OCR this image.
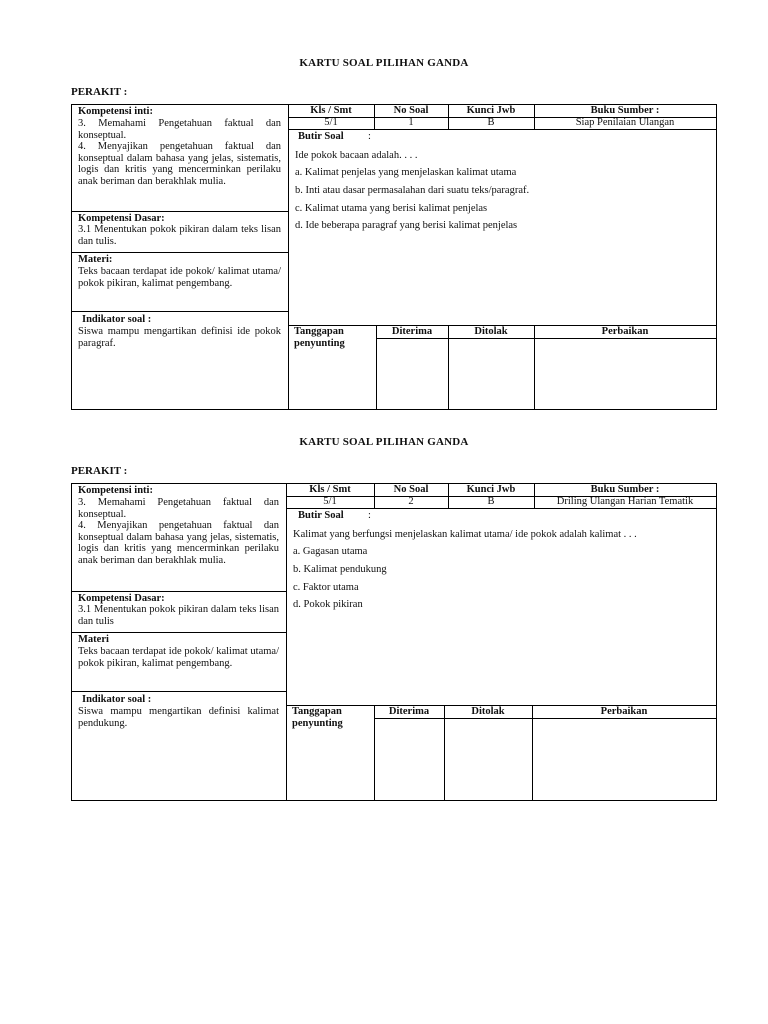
KARTU SOAL PILIHAN GANDA
PERAKIT :
Kompetensi inti:
3. Memahami Pengetahuan faktual dan konseptual.
4. Menyajikan pengetahuan faktual dan konseptual dalam bahasa yang jelas, sistematis, logis dan kritis yang mencerminkan perilaku anak beriman dan berakhlak mulia.
Kompetensi Dasar:
3.1 Menentukan pokok pikiran dalam teks lisan dan tulis.
Materi:
Teks bacaan terdapat ide pokok/ kalimat utama/ pokok pikiran, kalimat pengembang.
Indikator soal :
Siswa mampu mengartikan definisi ide pokok paragraf.
Kls / Smt	No Soal	Kunci Jwb	Buku Sumber :
5/1	1	B	Siap Penilaian Ulangan
Butir Soal :
Ide pokok bacaan adalah. . . .
a. Kalimat penjelas yang menjelaskan kalimat utama
b. Inti atau dasar permasalahan dari suatu teks/paragraf.
c. Kalimat utama yang berisi kalimat penjelas
d. Ide beberapa paragraf yang berisi kalimat penjelas
Tanggapan penyunting
Diterima	Ditolak	Perbaikan
KARTU SOAL PILIHAN GANDA
PERAKIT :
Kompetensi inti:
3. Memahami Pengetahuan faktual dan konseptual.
4. Menyajikan pengetahuan faktual dan konseptual dalam bahasa yang jelas, sistematis, logis dan kritis yang mencerminkan perilaku anak beriman dan berakhlak mulia.
Kompetensi Dasar:
3.1 Menentukan pokok pikiran dalam teks lisan dan tulis
Materi
Teks bacaan terdapat ide pokok/ kalimat utama/ pokok pikiran, kalimat pengembang.
Indikator soal :
Siswa mampu mengartikan definisi kalimat pendukung.
Kls / Smt	No Soal	Kunci Jwb	Buku Sumber :
5/1	2	B	Driling Ulangan Harian Tematik
Butir Soal :
Kalimat yang berfungsi menjelaskan kalimat utama/ ide pokok adalah kalimat . . .
a. Gagasan utama
b. Kalimat pendukung
c. Faktor utama
d. Pokok pikiran
Tanggapan penyunting
Diterima	Ditolak	Perbaikan
